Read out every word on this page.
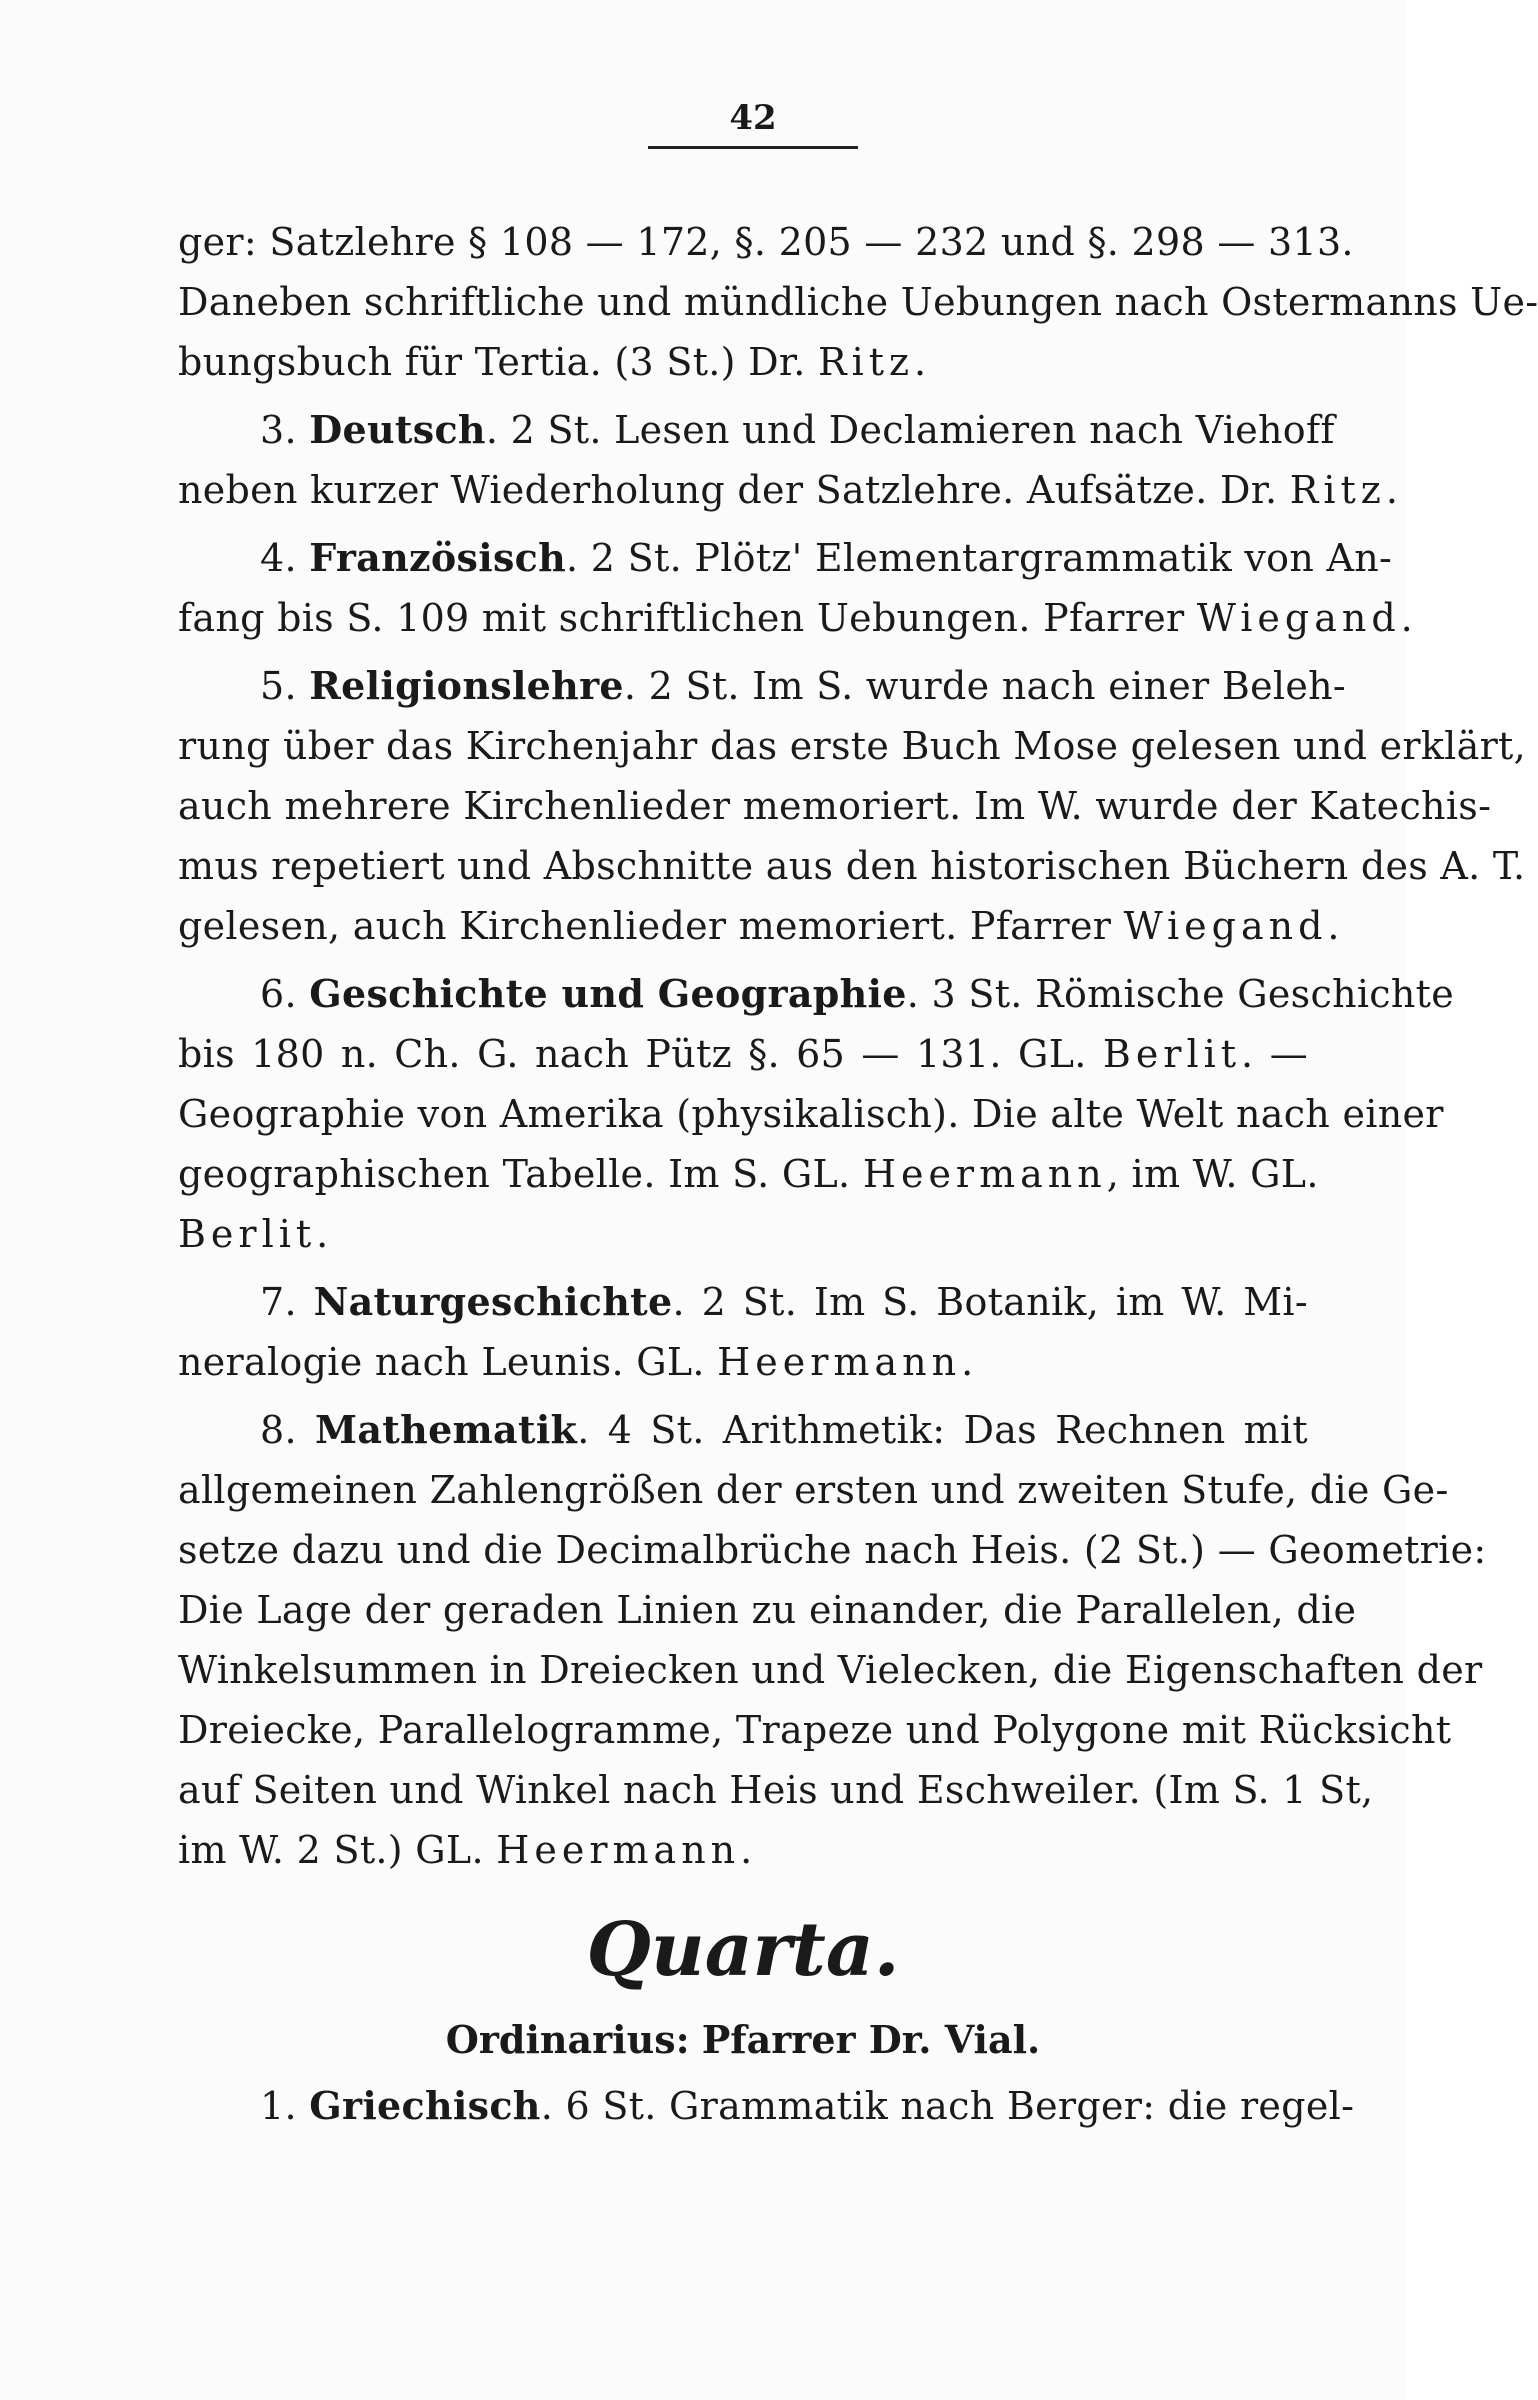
42
ger: Satzlehre § 108 — 172, §. 205 — 232 und §. 298 — 313.
Daneben schriftliche und mündliche Uebungen nach Ostermanns Ue-
bungsbuch für Tertia. (3 St.) Dr. Ritz.
3. Deutsch. 2 St. Lesen und Declamieren nach Viehoff
neben kurzer Wiederholung der Satzlehre. Aufsätze. Dr. Ritz.
4. Französisch. 2 St. Plötz' Elementargrammatik von An-
fang bis S. 109 mit schriftlichen Uebungen. Pfarrer Wiegand.
5. Religionslehre. 2 St. Im S. wurde nach einer Beleh-
rung über das Kirchenjahr das erste Buch Mose gelesen und erklärt,
auch mehrere Kirchenlieder memoriert. Im W. wurde der Katechis-
mus repetiert und Abschnitte aus den historischen Büchern des A. T.
gelesen, auch Kirchenlieder memoriert. Pfarrer Wiegand.
6. Geschichte und Geographie. 3 St. Römische Geschichte
bis 180 n. Ch. G. nach Pütz §. 65 — 131. GL. Berlit. —
Geographie von Amerika (physikalisch). Die alte Welt nach einer
geographischen Tabelle. Im S. GL. Heermann, im W. GL.
Berlit.
7. Naturgeschichte. 2 St. Im S. Botanik, im W. Mi-
neralogie nach Leunis. GL. Heermann.
8. Mathematik. 4 St. Arithmetik: Das Rechnen mit
allgemeinen Zahlengrößen der ersten und zweiten Stufe, die Ge-
setze dazu und die Decimalbrüche nach Heis. (2 St.) — Geometrie:
Die Lage der geraden Linien zu einander, die Parallelen, die
Winkelsummen in Dreiecken und Vielecken, die Eigenschaften der
Dreiecke, Parallelogramme, Trapeze und Polygone mit Rücksicht
auf Seiten und Winkel nach Heis und Eschweiler. (Im S. 1 St,
im W. 2 St.) GL. Heermann.
Quarta.
Ordinarius: Pfarrer Dr. Vial.
1. Griechisch. 6 St. Grammatik nach Berger: die regel-
